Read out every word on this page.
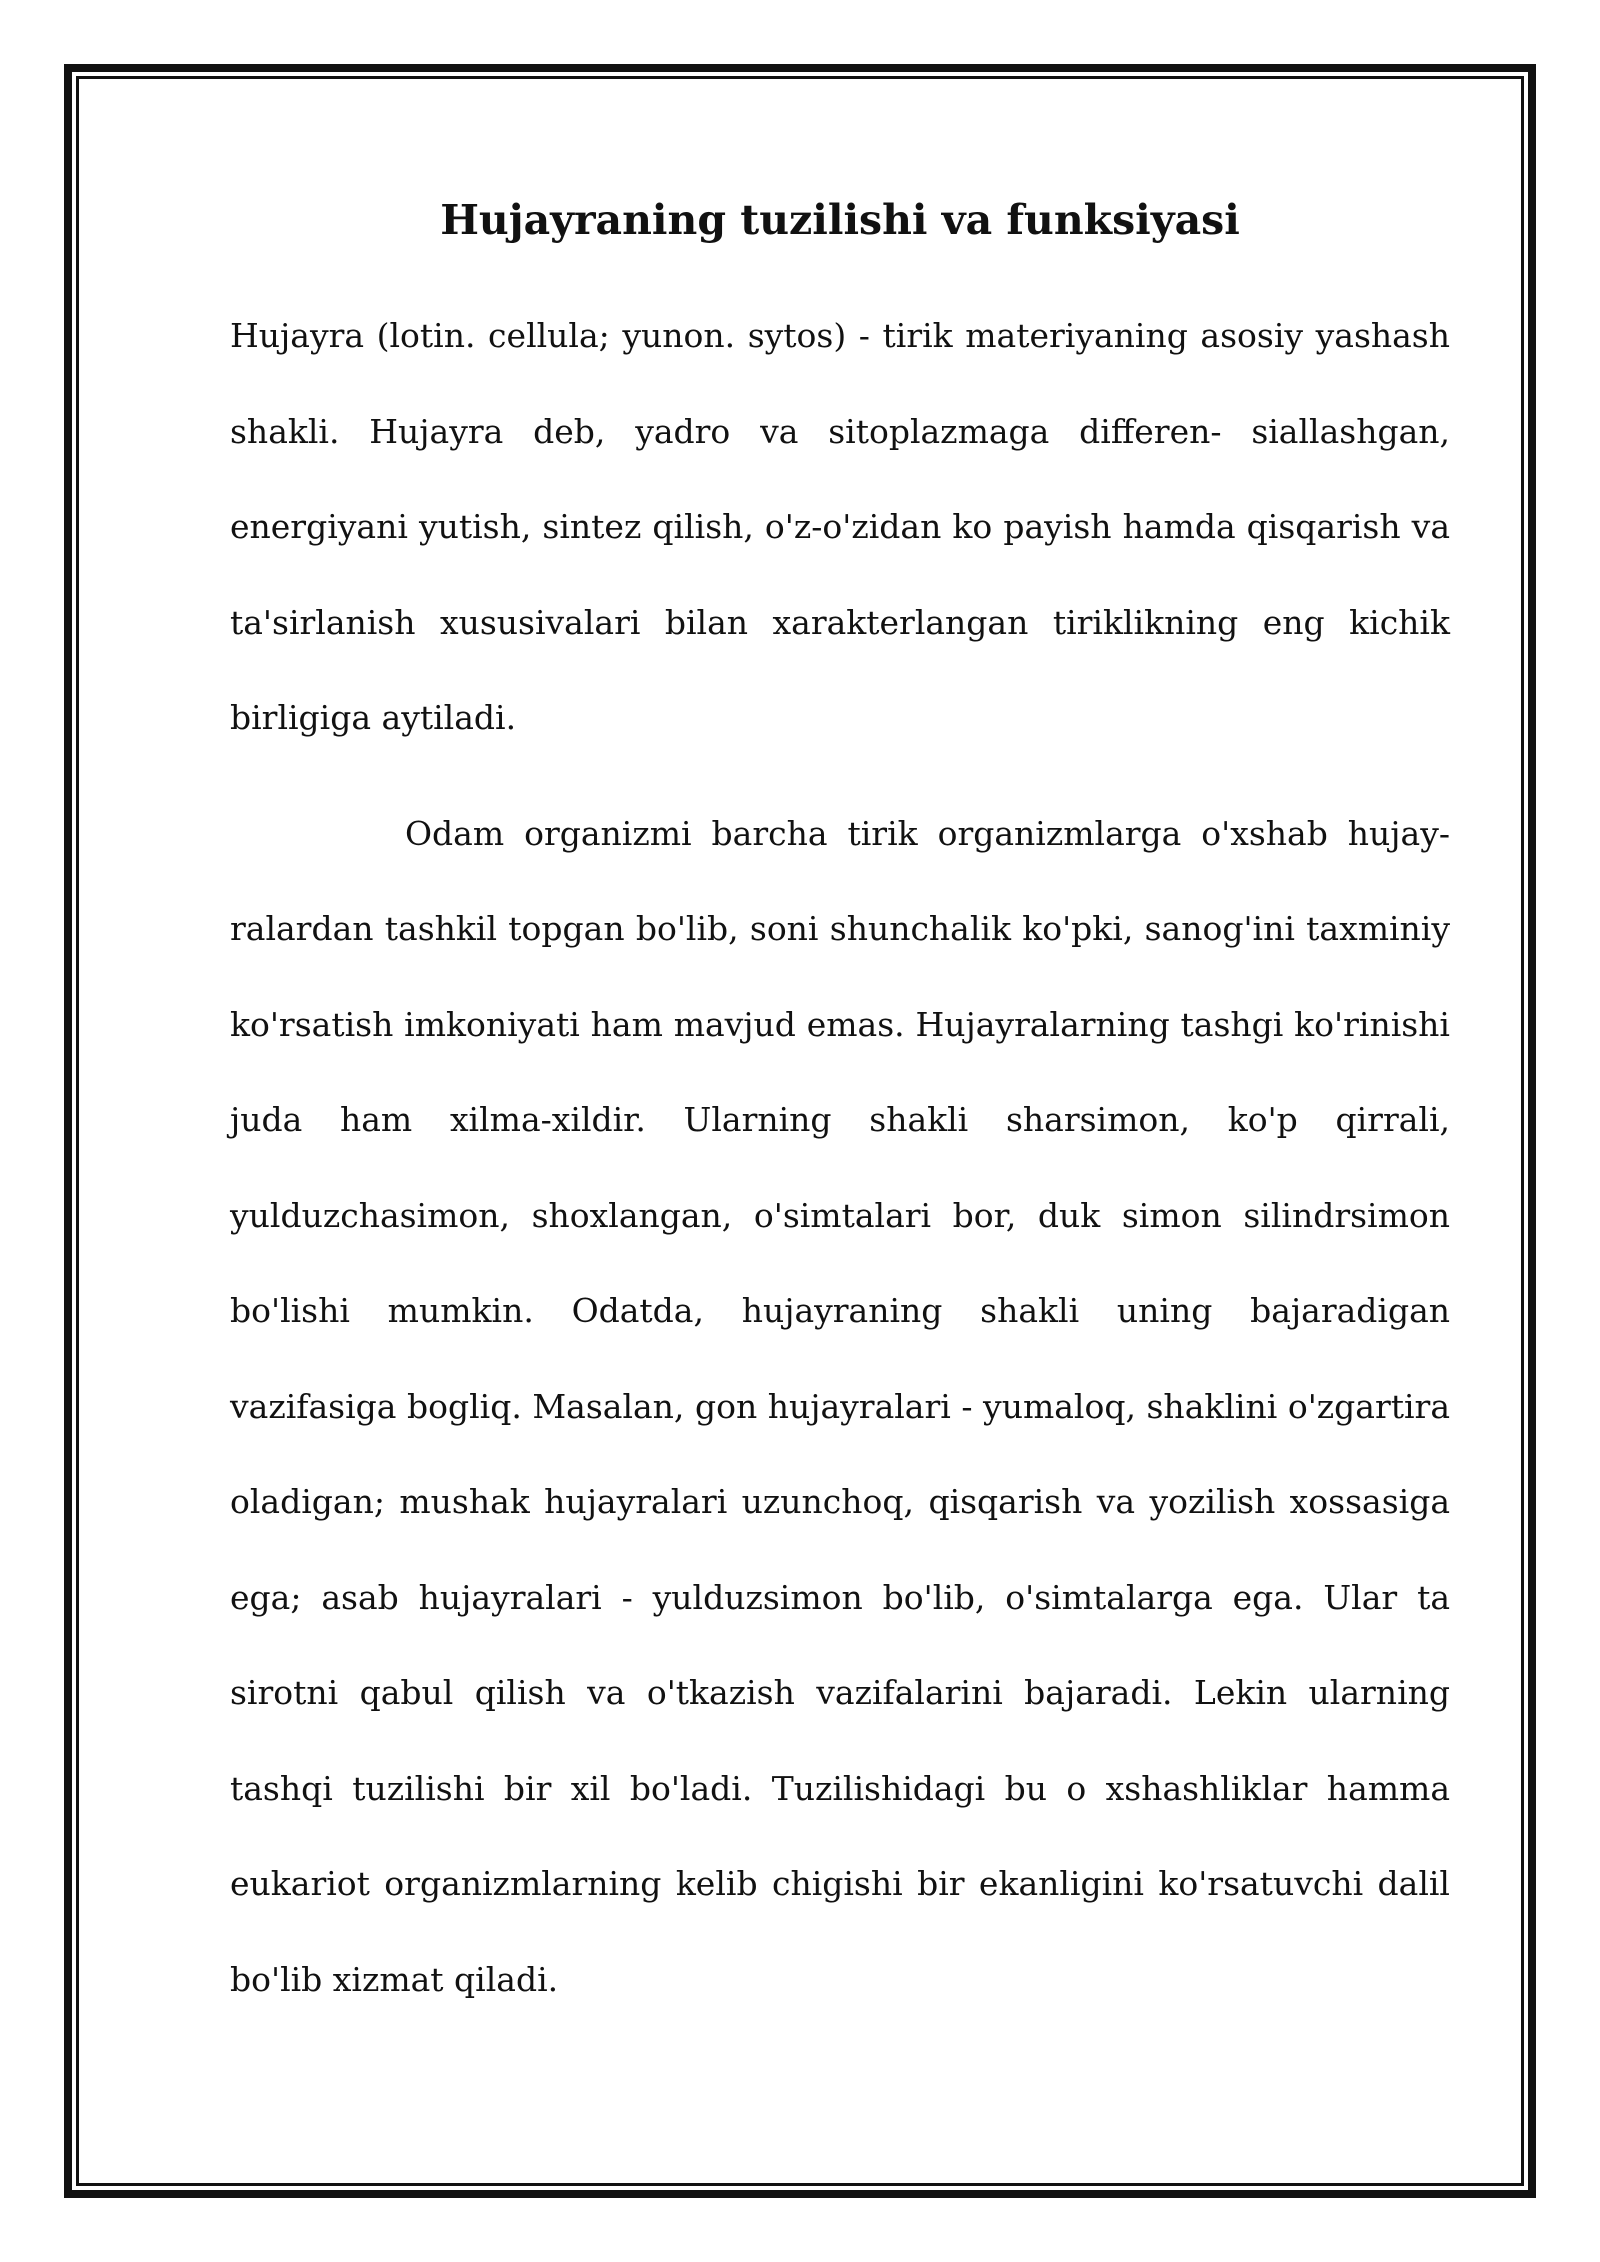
Hujayraning tuzilishi va funksiyasi

Hujayra (lotin. cellula; yunon. sytos) - tirik materiyaning asosiy yashash shakli. Hujayra deb, yadro va sitoplazmaga differen- siallashgan, energiyani yutish, sintez qilish, o'z-o'zidan ko payish hamda qisqarish va ta'sirlanish xususivalari bilan xarakterlangan tiriklikning eng kichik birligiga aytiladi.

Odam organizmi barcha tirik organizmlarga o'xshab hujay- ralardan tashkil topgan bo'lib, soni shunchalik ko'pki, sanog'ini taxminiy ko'rsatish imkoniyati ham mavjud emas. Hujayralarning tashgi ko'rinishi juda ham xilma-xildir. Ularning shakli sharsimon, ko'p qirrali, yulduzchasimon, shoxlangan, o'simtalari bor, duk simon silindrsimon bo'lishi mumkin. Odatda, hujayraning shakli uning bajaradigan vazifasiga bogliq. Masalan, gon hujayralari - yumaloq, shaklini o'zgartira oladigan; mushak hujayralari uzunchoq, qisqarish va yozilish xossasiga ega; asab hujayralari - yulduzsimon bo'lib, o'simtalarga ega. Ular ta sirotni qabul qilish va o'tkazish vazifalarini bajaradi. Lekin ularning tashqi tuzilishi bir xil bo'ladi. Tuzilishidagi bu o xshashliklar hamma eukariot organizmlarning kelib chigishi bir ekanligini ko'rsatuvchi dalil bo'lib xizmat qiladi.
